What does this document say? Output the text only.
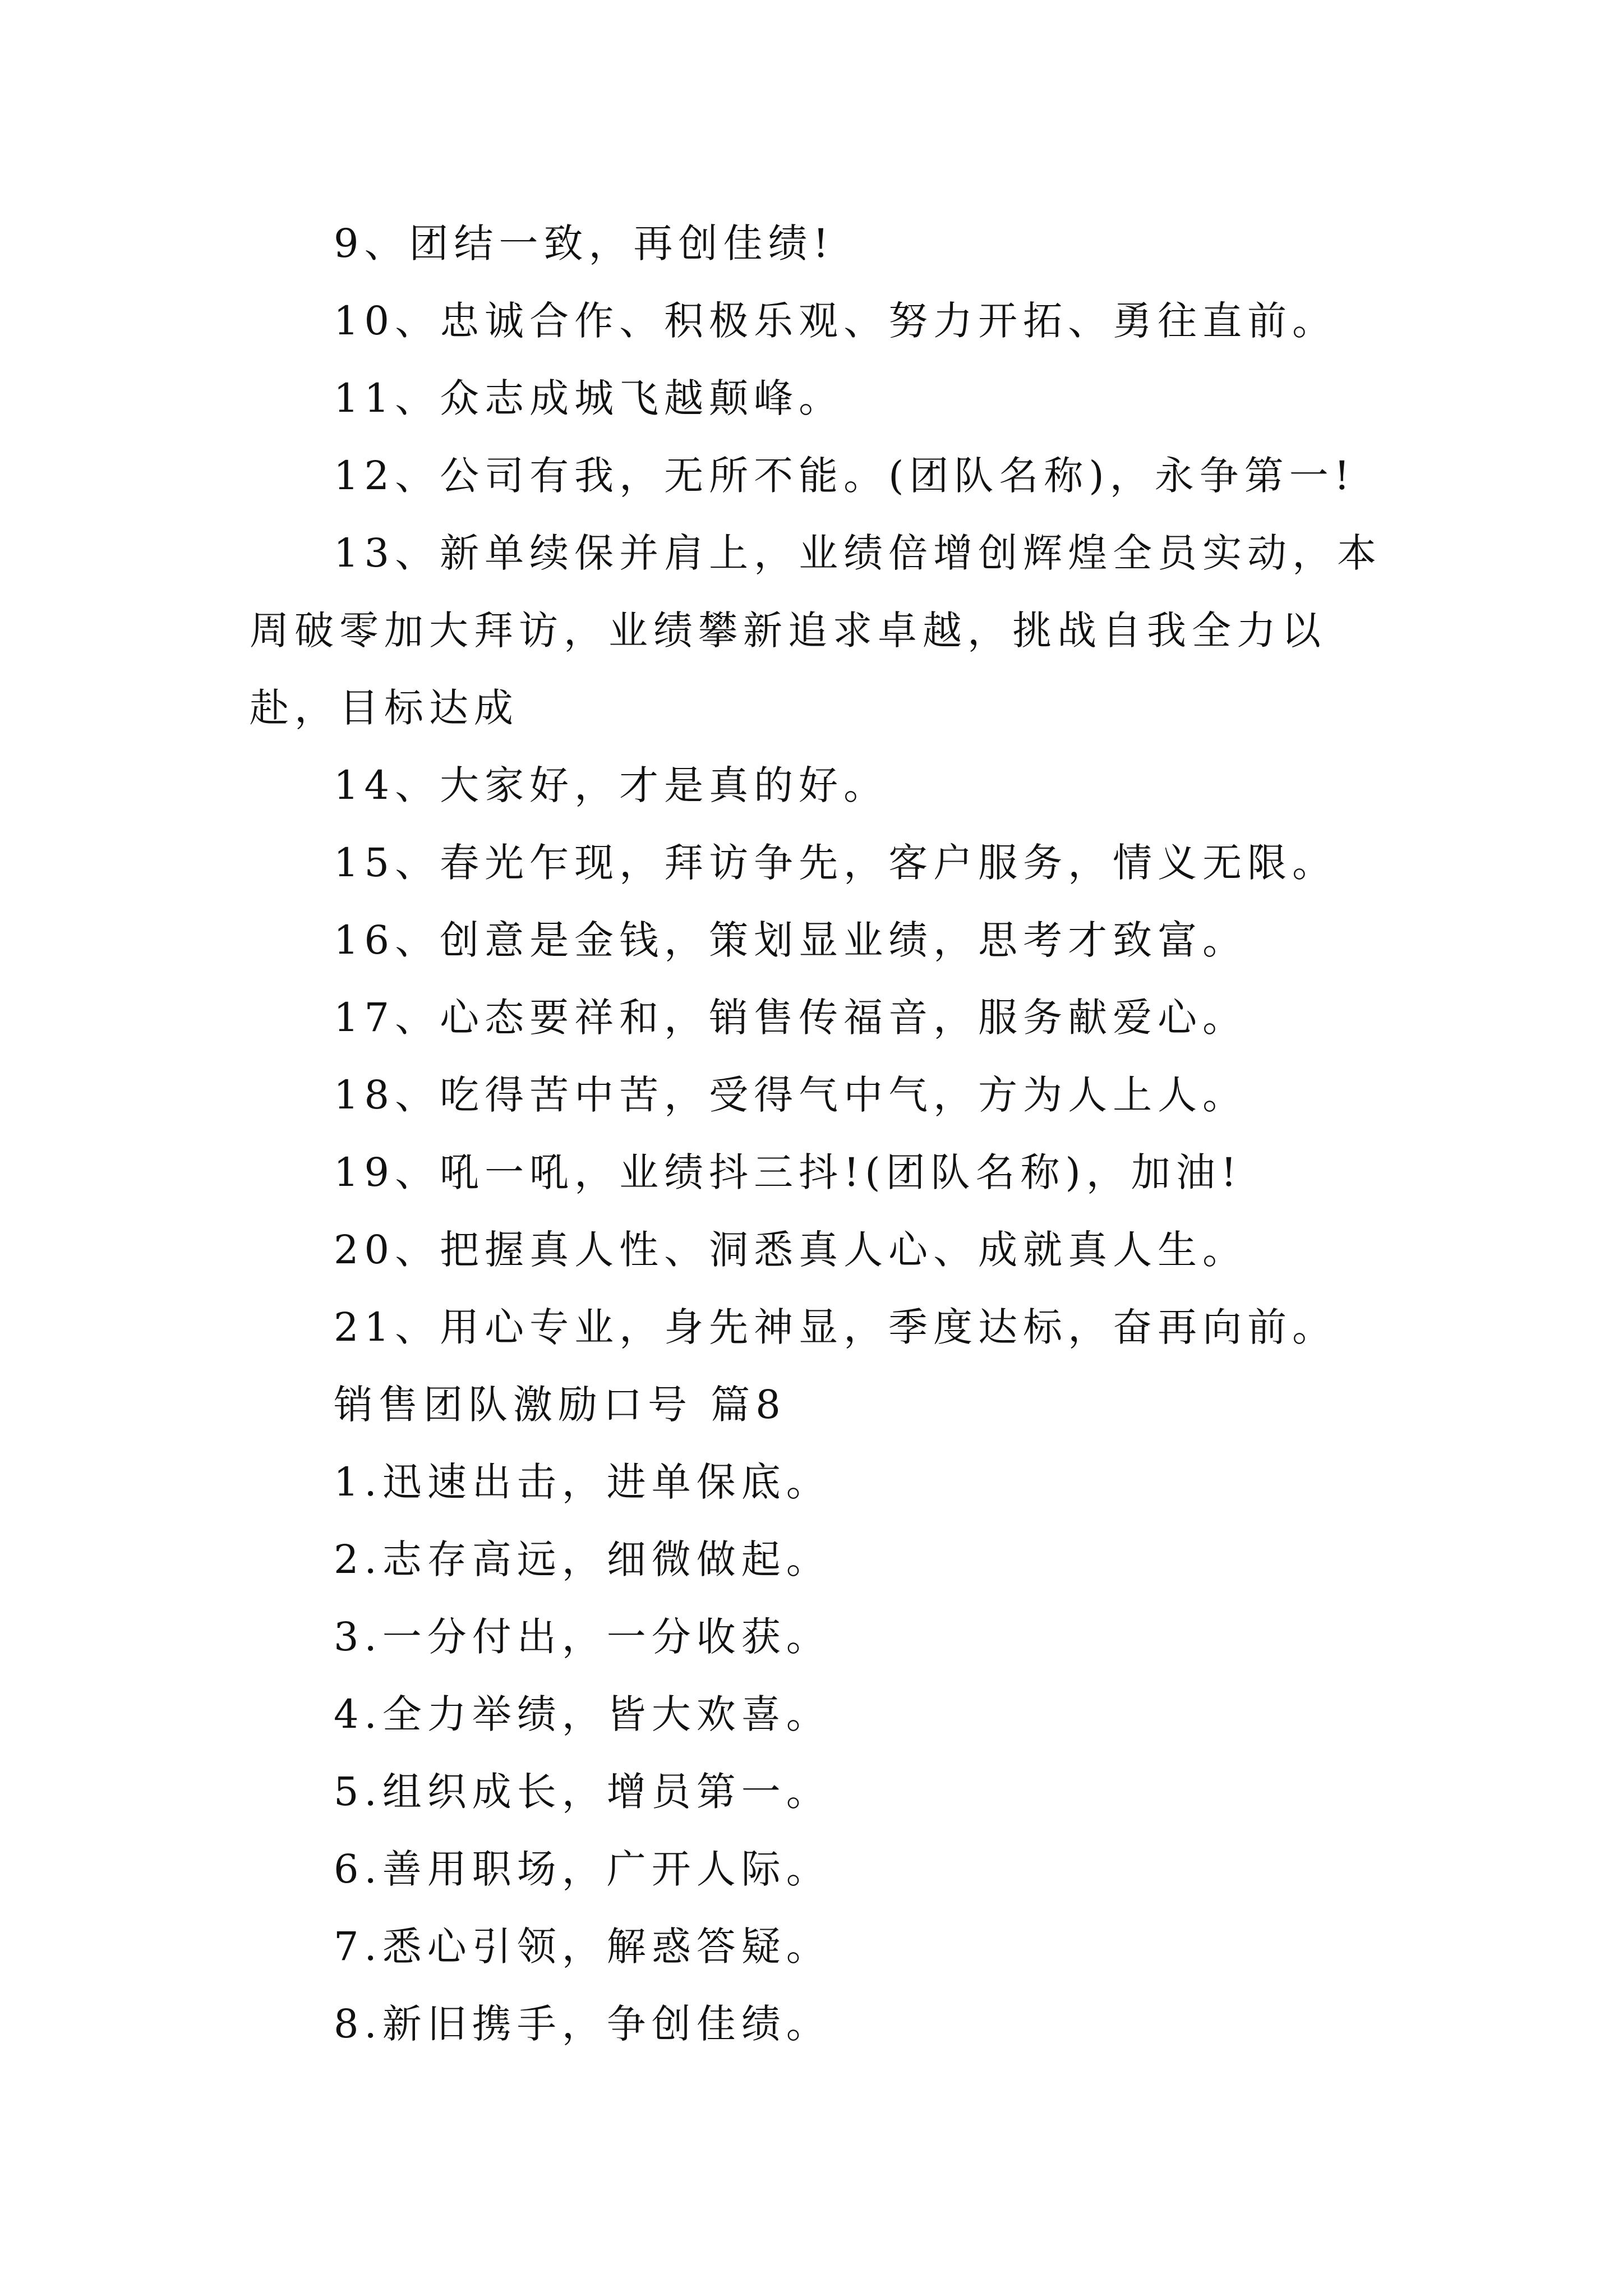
9、团结一致，再创佳绩!

10、忠诚合作、积极乐观、努力开拓、勇往直前。

11、众志成城飞越颠峰。

12、公司有我，无所不能。(团队名称)，永争第一!

13、新单续保并肩上，业绩倍增创辉煌全员实动，本周破零加大拜访，业绩攀新追求卓越，挑战自我全力以赴，目标达成

14、大家好，才是真的好。

15、春光乍现，拜访争先，客户服务，情义无限。

16、创意是金钱，策划显业绩，思考才致富。

17、心态要祥和，销售传福音，服务献爱心。

18、吃得苦中苦，受得气中气，方为人上人。

19、吼一吼，业绩抖三抖!(团队名称)，加油!

20、把握真人性、洞悉真人心、成就真人生。

21、用心专业，身先神显，季度达标，奋再向前。

销售团队激励口号 篇8

1.迅速出击，进单保底。

2.志存高远，细微做起。

3.一分付出，一分收获。

4.全力举绩，皆大欢喜。

5.组织成长，增员第一。

6.善用职场，广开人际。

7.悉心引领，解惑答疑。

8.新旧携手，争创佳绩。
